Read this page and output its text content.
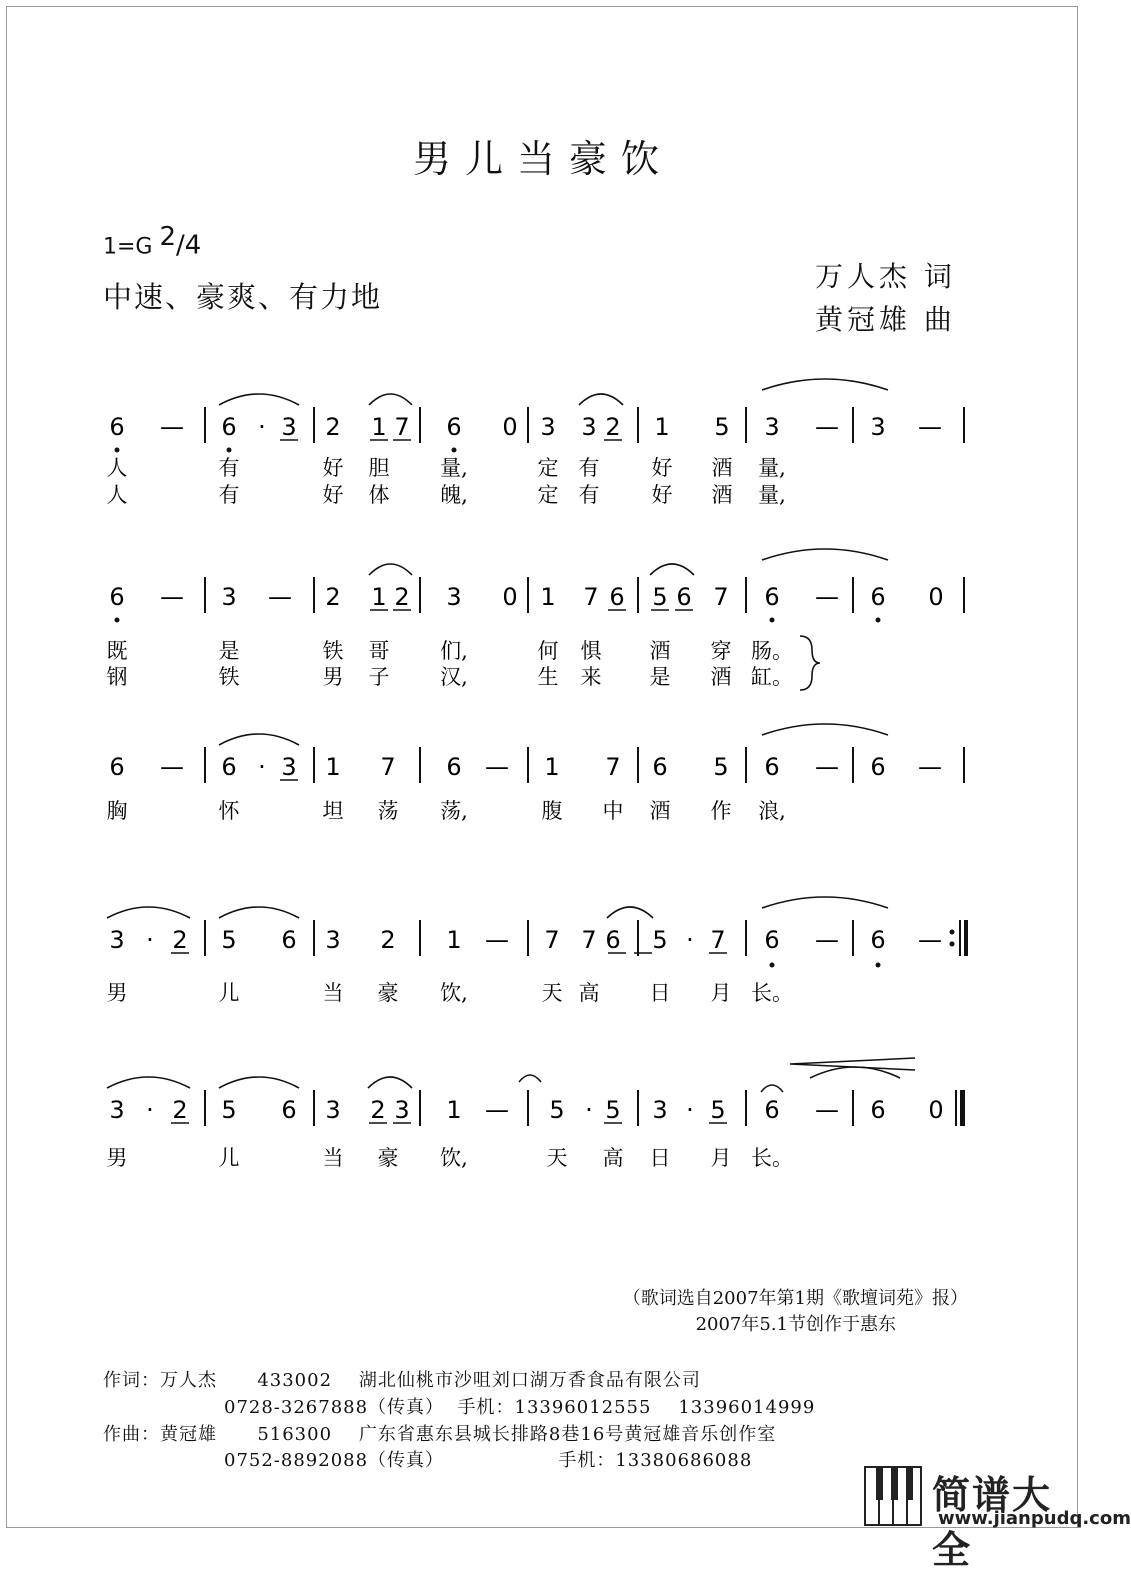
男儿当豪饮
1=G $^2$/4
中速、豪爽、有力地
万人杰 词
黄冠雄 曲
6 — 6 · 3 2 1 7 6 0 3 3 2 1 5 3 — 3 —
人	有	好 胆 量,	定 有 好 酒 量,
人	有	好 体 魄,	定 有 好 酒 量,
6 — 3 — 2 1 2 3 0 1 7 6 5 6 7 6 — 6 0
既	是	铁 哥 们,	何 惧 酒 穿 肠。
钢	铁	男 子 汉,	生 来 是 酒 缸。
6 — 6 · 3 1 7 6 — 1 7 6 5 6 — 6 —
胸	怀	坦 荡 荡,	腹 中 酒 作 浪,
3 · 2 5 6 3 2 1 — 7 7 6 5 · 7 6 — 6 —
男	儿	当 豪 饮,	天 高 日 月 长。
3 · 2 5 6 3 2 3 1 — 5 · 5 3 · 5 6 — 6 0
男	儿	当 豪 饮,	天 高 日 月 长。
（歌词选自2007年第1期《歌壇词苑》报）
2007年5.1节创作于惠东
作词：万人杰      433002    湖北仙桃市沙咀刘口湖万香食品有限公司
0728-3267888（传真）  手机：13396012555    13396014999
作曲：黄冠雄      516300    广东省惠东县城长排路8巷16号黄冠雄音乐创作室
0752-8892088（传真）                 手机：13380686088
简谱大全
www.jianpudq.com
